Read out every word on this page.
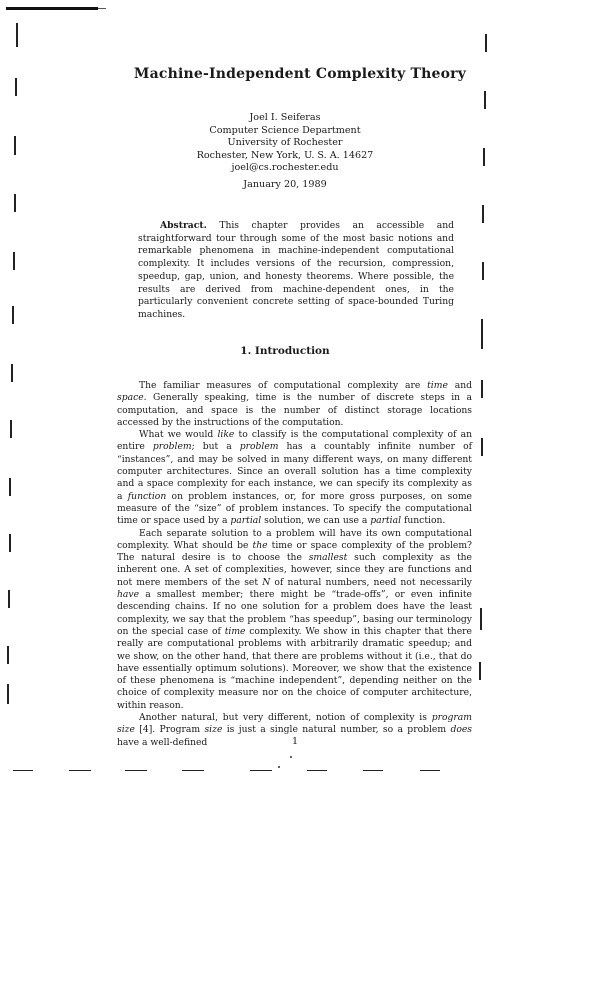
Machine-Independent Complexity Theory
Joel I. Seiferas
Computer Science Department
University of Rochester
Rochester, New York, U. S. A. 14627
joel@cs.rochester.edu
January 20, 1989
Abstract. This chapter provides an accessible and straightforward tour through some of the most basic notions and remarkable phenomena in machine-independent computational complexity. It includes versions of the recursion, compression, speedup, gap, union, and honesty theorems. Where possible, the results are derived from machine-dependent ones, in the particularly convenient concrete setting of space-bounded Turing machines.
1. Introduction

The familiar measures of computational complexity are time and space. Generally speaking, time is the number of discrete steps in a computation, and space is the number of distinct storage locations accessed by the instructions of the computation.

What we would like to classify is the computational complexity of an entire problem; but a problem has a countably infinite number of “instances”, and may be solved in many different ways, on many different computer architectures. Since an overall solution has a time complexity and a space complexity for each instance, we can specify its complexity as a function on problem instances, or, for more gross purposes, on some measure of the “size” of problem instances. To specify the computational time or space used by a partial solution, we can use a partial function.

Each separate solution to a problem will have its own computational complexity. What should be the time or space complexity of the problem? The natural desire is to choose the smallest such complexity as the inherent one. A set of complexities, however, since they are functions and not mere members of the set N of natural numbers, need not necessarily have a smallest member; there might be “trade-offs”, or even infinite descending chains. If no one solution for a problem does have the least complexity, we say that the problem “has speedup”, basing our terminology on the special case of time complexity. We show in this chapter that there really are computational problems with arbitrarily dramatic speedup; and we show, on the other hand, that there are problems without it (i.e., that do have essentially optimum solutions). Moreover, we show that the existence of these phenomena is “machine independent”, depending neither on the choice of complexity measure nor on the choice of computer architecture, within reason.

Another natural, but very different, notion of complexity is program size [4]. Program size is just a single natural number, so a problem does have a well-defined	1
